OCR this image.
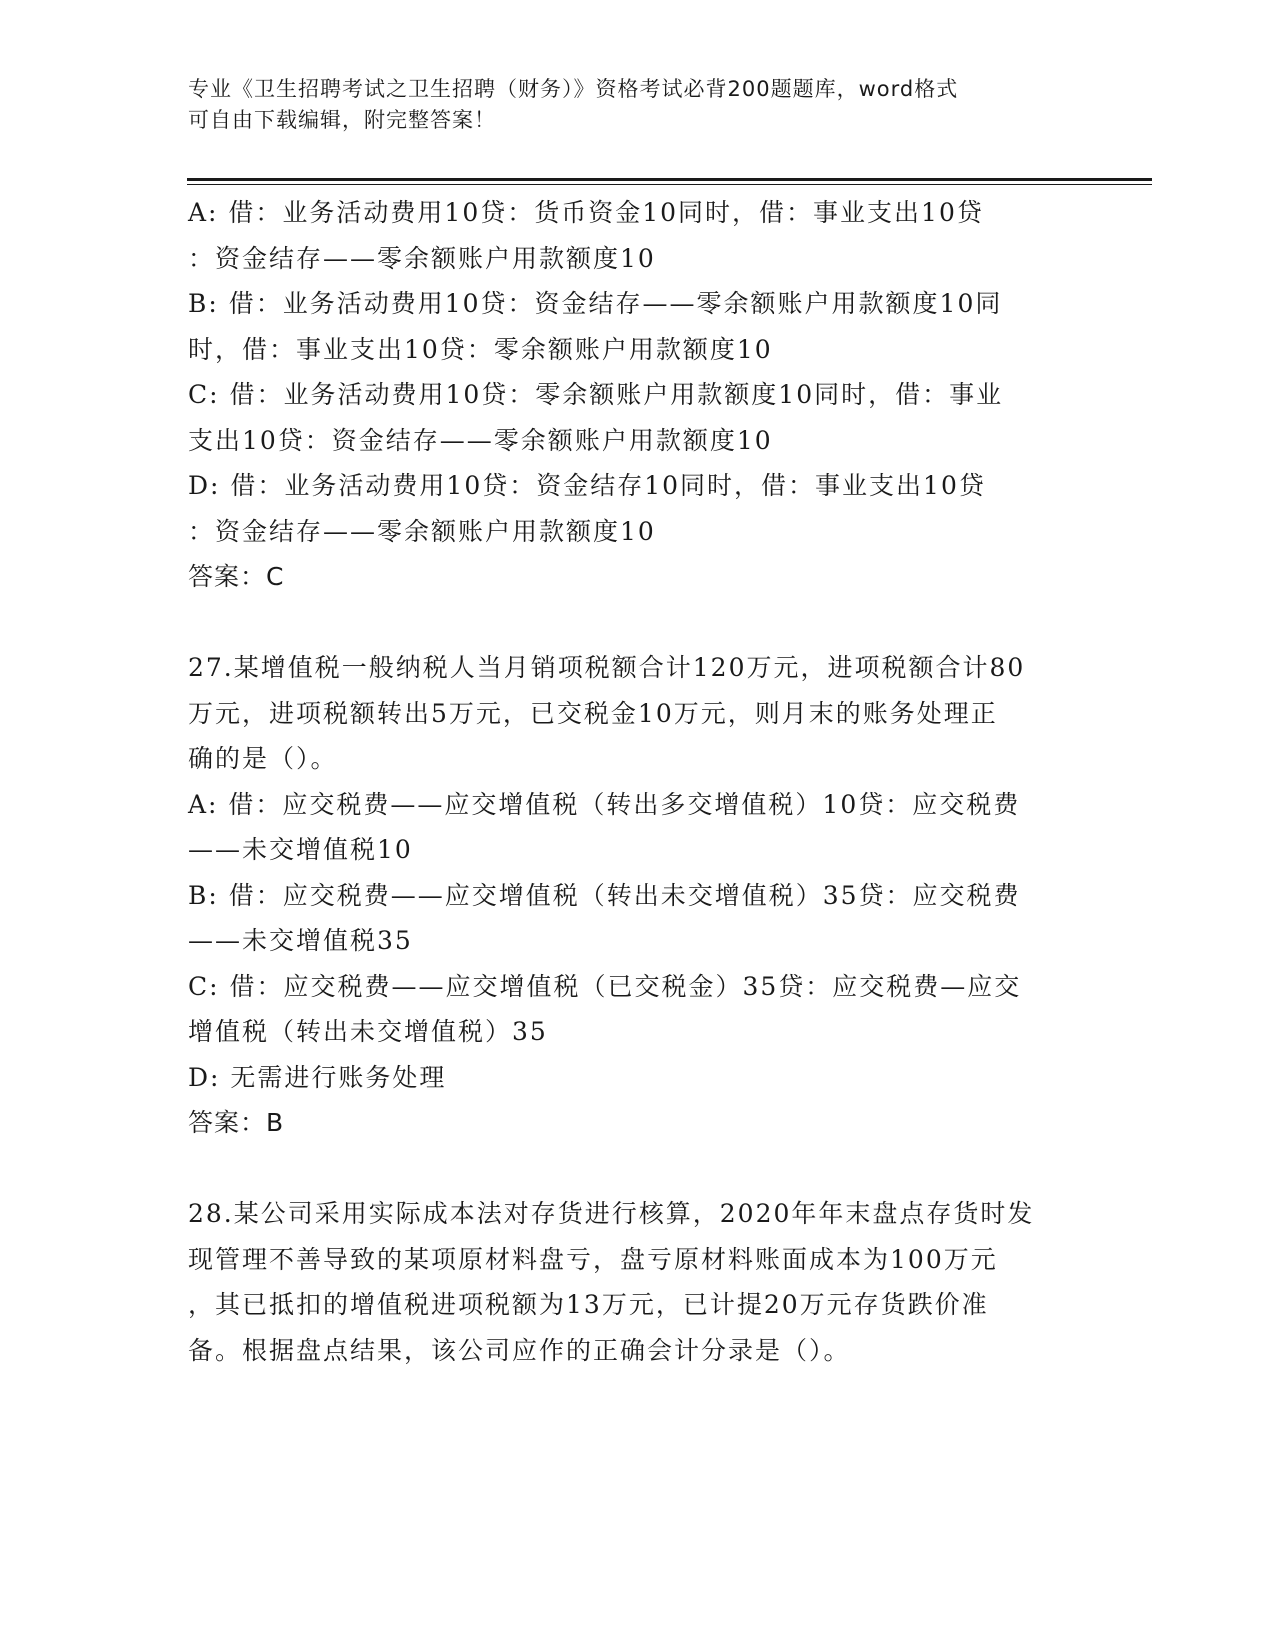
专业《卫生招聘考试之卫生招聘（财务）》资格考试必背200题题库，word格式
可自由下载编辑，附完整答案！

A: 借：业务活动费用10贷：货币资金10同时，借：事业支出10贷

：资金结存——零余额账户用款额度10

B: 借：业务活动费用10贷：资金结存——零余额账户用款额度10同

时，借：事业支出10贷：零余额账户用款额度10

C: 借：业务活动费用10贷：零余额账户用款额度10同时，借：事业

支出10贷：资金结存——零余额账户用款额度10

D: 借：业务活动费用10贷：资金结存10同时，借：事业支出10贷

：资金结存——零余额账户用款额度10

答案：C

27.某增值税一般纳税人当月销项税额合计120万元，进项税额合计80

万元，进项税额转出5万元，已交税金10万元，则月末的账务处理正

确的是（）。

A: 借：应交税费——应交增值税（转出多交增值税）10贷：应交税费

——未交增值税10

B: 借：应交税费——应交增值税（转出未交增值税）35贷：应交税费

——未交增值税35

C: 借：应交税费——应交增值税（已交税金）35贷：应交税费—应交

增值税（转出未交增值税）35

D: 无需进行账务处理

答案：B

28.某公司采用实际成本法对存货进行核算，2020年年末盘点存货时发

现管理不善导致的某项原材料盘亏，盘亏原材料账面成本为100万元

，其已抵扣的增值税进项税额为13万元，已计提20万元存货跌价准

备。根据盘点结果，该公司应作的正确会计分录是（）。
